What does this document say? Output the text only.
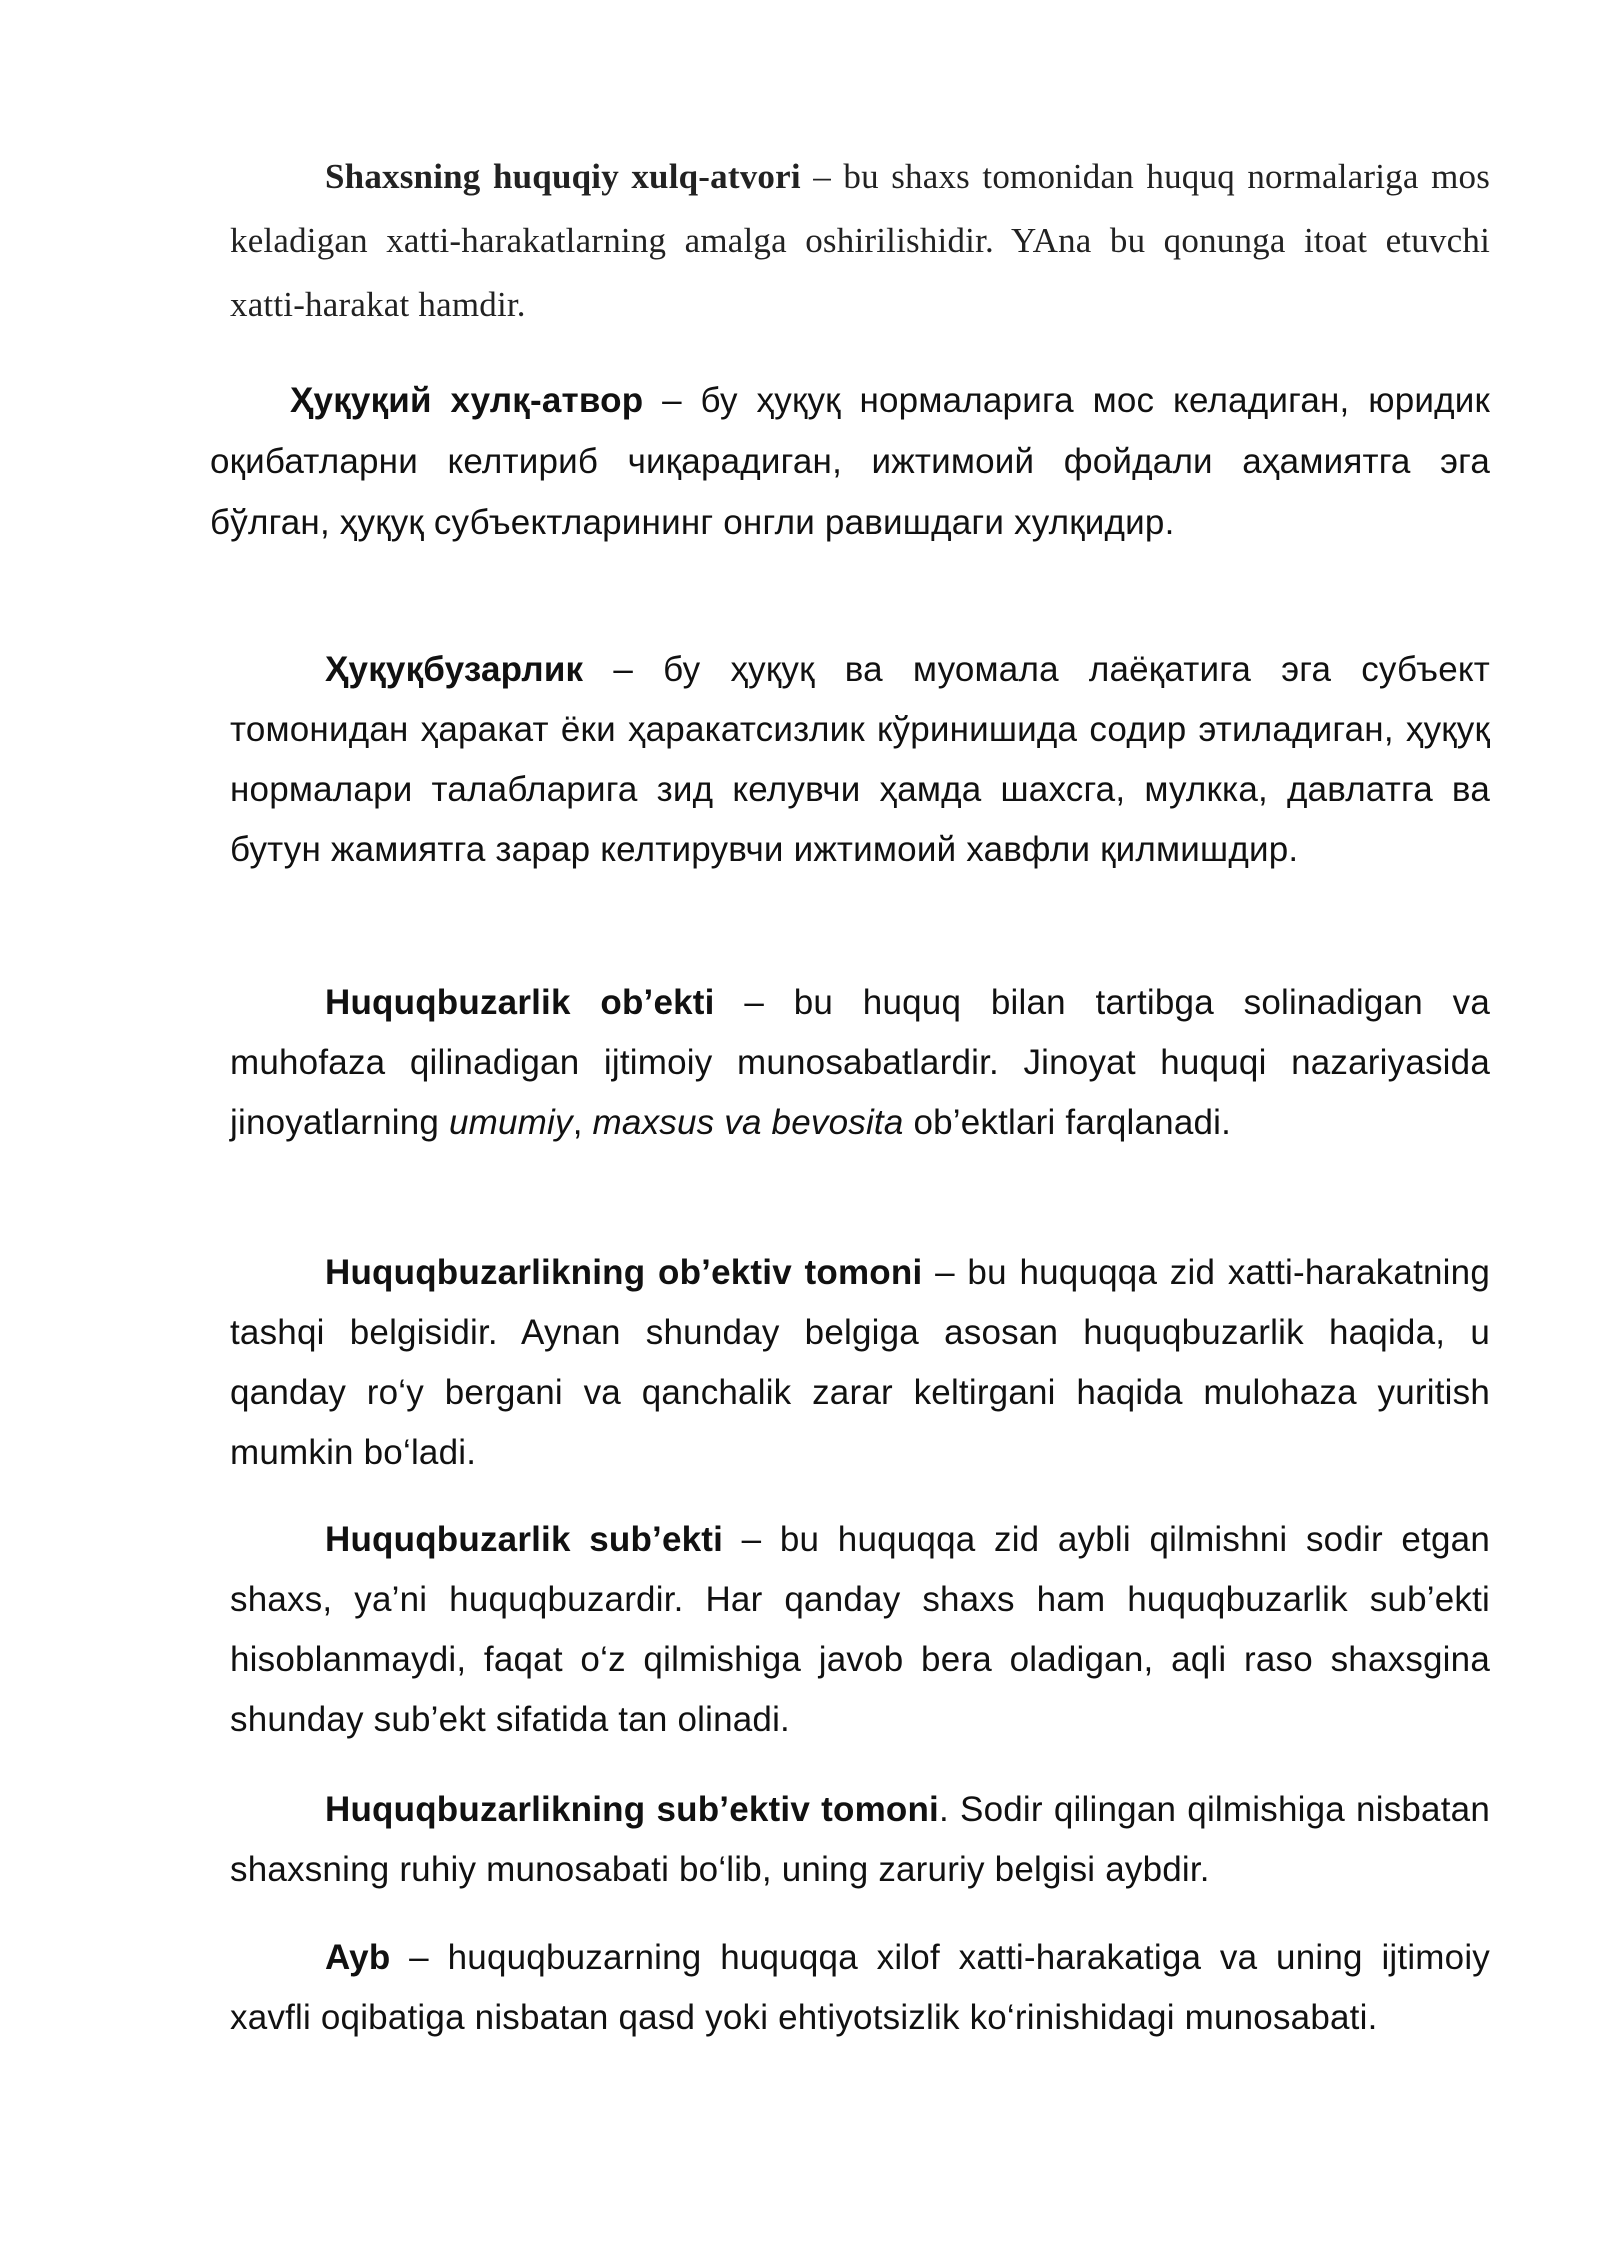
Shaxsning huquqiy xulq-atvori – bu shaxs tomonidan huquq normalariga mos keladigan xatti-harakatlarning amalga oshirilishidir. YAna bu qonunga itoat etuvchi xatti-harakat hamdir.

Ҳуқуқий хулқ-атвор – бу ҳуқуқ нормаларига мос келадиган, юридик оқибатларни келтириб чиқарадиган, ижтимоий фойдали аҳамиятга эга бўлган, ҳуқуқ субъектларининг онгли равишдаги хулқидир.

Ҳуқуқбузарлик – бу ҳуқуқ ва муомала лаёқатига эга субъект томонидан ҳаракат ёки ҳаракатсизлик кўринишида содир этиладиган, ҳуқуқ нормалари талабларига зид келувчи ҳамда шахсга, мулкка, давлатга ва бутун жамиятга зарар келтирувчи ижтимоий хавфли қилмишдир.

Huquqbuzarlik ob’ekti – bu huquq bilan tartibga solinadigan va muhofaza qilinadigan ijtimoiy munosabatlardir. Jinoyat huquqi nazariyasida jinoyatlarning umumiy, maxsus va bevosita ob’ektlari farqlanadi.

Huquqbuzarlikning ob’ektiv tomoni – bu huquqqa zid xatti-harakatning tashqi belgisidir. Aynan shunday belgiga asosan huquqbuzarlik haqida, u qanday ro‘y bergani va qanchalik zarar keltirgani haqida mulohaza yuritish mumkin bo‘ladi.

Huquqbuzarlik sub’ekti – bu huquqqa zid aybli qilmishni sodir etgan shaxs, ya’ni huquqbuzardir. Har qanday shaxs ham huquqbuzarlik sub’ekti hisoblanmaydi, faqat o‘z qilmishiga javob bera oladigan, aqli raso shaxsgina shunday sub’ekt sifatida tan olinadi.

Huquqbuzarlikning sub’ektiv tomoni. Sodir qilingan qilmishiga nisbatan shaxsning ruhiy munosabati bo‘lib, uning zaruriy belgisi aybdir.

Ayb – huquqbuzarning huquqqa xilof xatti-harakatiga va uning ijtimoiy xavfli oqibatiga nisbatan qasd yoki ehtiyotsizlik ko‘rinishidagi munosabati.
